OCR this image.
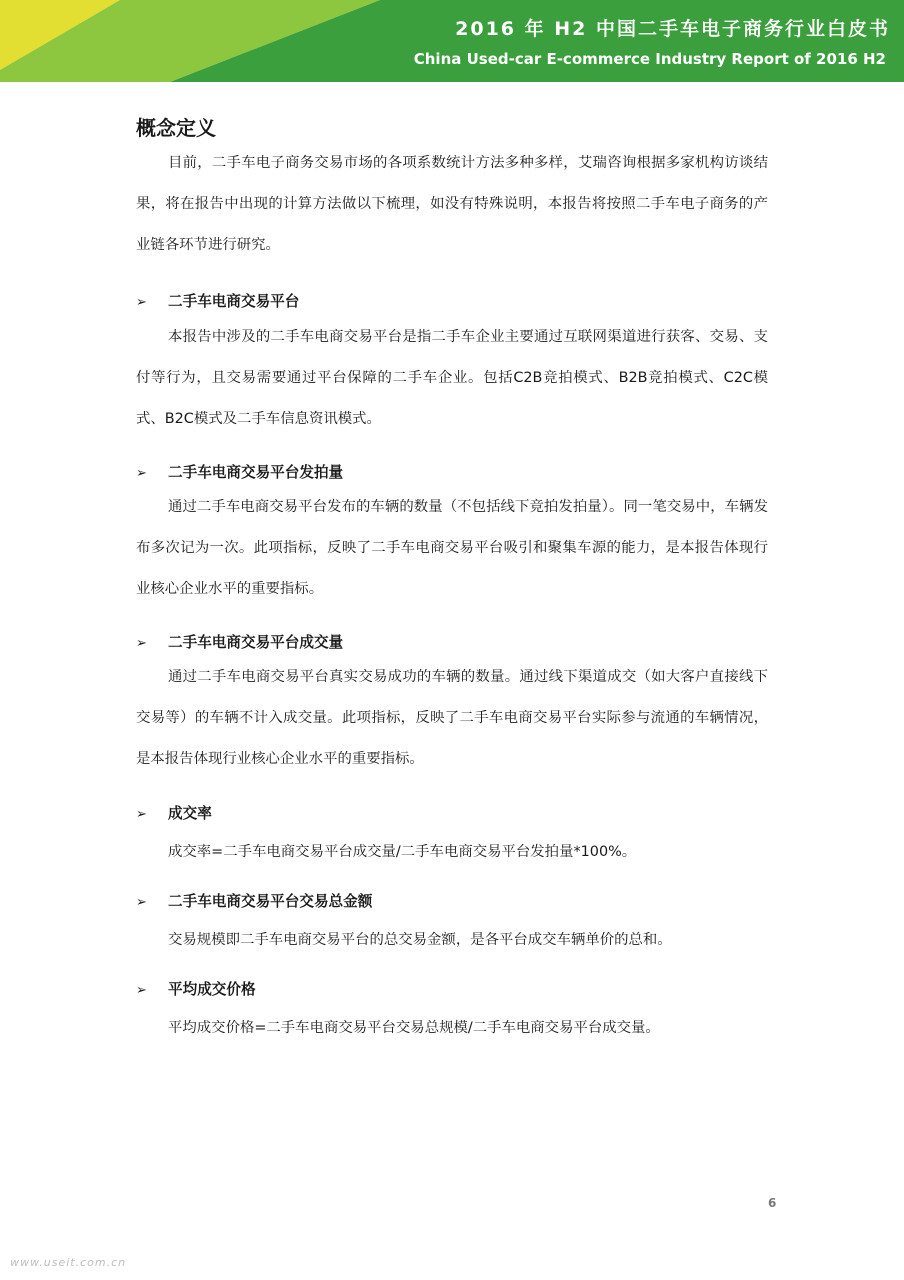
2016 年 H2 中国二手车电子商务行业白皮书
China Used-car E-commerce Industry Report of 2016 H2
概念定义

目前，二手车电子商务交易市场的各项系数统计方法多种多样，艾瑞咨询根据多家机构访谈结果，将在报告中出现的计算方法做以下梳理，如没有特殊说明，本报告将按照二手车电子商务的产业链各环节进行研究。

➢ 二手车电商交易平台

本报告中涉及的二手车电商交易平台是指二手车企业主要通过互联网渠道进行获客、交易、支付等行为，且交易需要通过平台保障的二手车企业。包括C2B竞拍模式、B2B竞拍模式、C2C模式、B2C模式及二手车信息资讯模式。

➢ 二手车电商交易平台发拍量

通过二手车电商交易平台发布的车辆的数量（不包括线下竞拍发拍量）。同一笔交易中，车辆发布多次记为一次。此项指标，反映了二手车电商交易平台吸引和聚集车源的能力，是本报告体现行业核心企业水平的重要指标。

➢ 二手车电商交易平台成交量

通过二手车电商交易平台真实交易成功的车辆的数量。通过线下渠道成交（如大客户直接线下交易等）的车辆不计入成交量。此项指标，反映了二手车电商交易平台实际参与流通的车辆情况，是本报告体现行业核心企业水平的重要指标。

➢ 成交率
成交率=二手车电商交易平台成交量/二手车电商交易平台发拍量*100%。
➢ 二手车电商交易平台交易总金额
交易规模即二手车电商交易平台的总交易金额，是各平台成交车辆单价的总和。
➢ 平均成交价格
平均成交价格=二手车电商交易平台交易总规模/二手车电商交易平台成交量。
6
www.useit.com.cn
